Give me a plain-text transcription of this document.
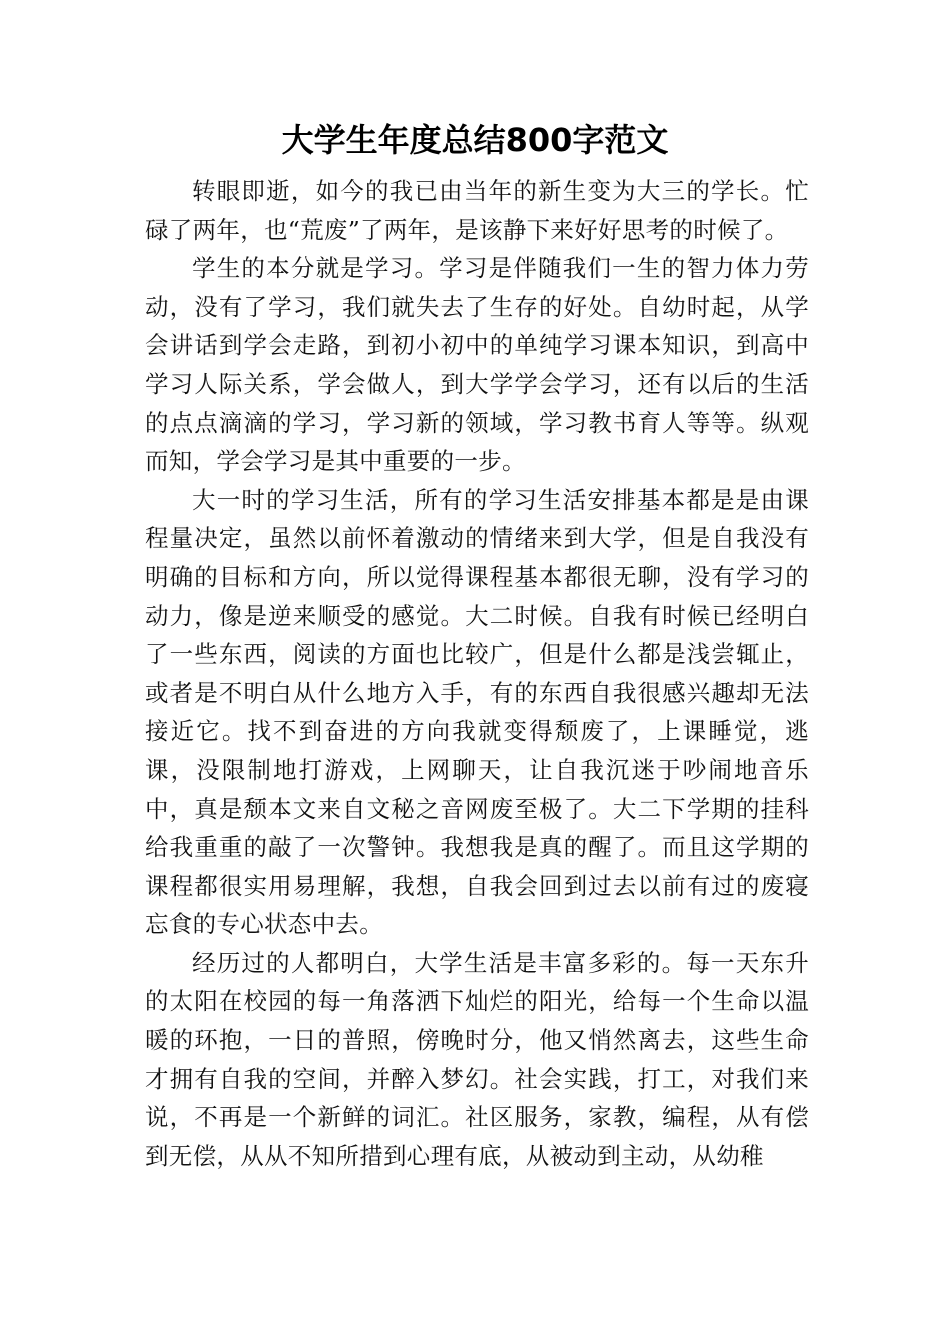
大学生年度总结800字范文

转眼即逝，如今的我已由当年的新生变为大三的学长。忙碌了两年，也“荒废”了两年，是该静下来好好思考的时候了。

学生的本分就是学习。学习是伴随我们一生的智力体力劳动，没有了学习，我们就失去了生存的好处。自幼时起，从学会讲话到学会走路，到初小初中的单纯学习课本知识，到高中学习人际关系，学会做人，到大学学会学习，还有以后的生活的点点滴滴的学习，学习新的领域，学习教书育人等等。纵观而知，学会学习是其中重要的一步。

大一时的学习生活，所有的学习生活安排基本都是是由课程量决定，虽然以前怀着激动的情绪来到大学，但是自我没有明确的目标和方向，所以觉得课程基本都很无聊，没有学习的动力，像是逆来顺受的感觉。大二时候。自我有时候已经明白了一些东西，阅读的方面也比较广，但是什么都是浅尝辄止，或者是不明白从什么地方入手，有的东西自我很感兴趣却无法接近它。找不到奋进的方向我就变得颓废了，上课睡觉，逃课，没限制地打游戏，上网聊天，让自我沉迷于吵闹地音乐中，真是颓本文来自文秘之音网废至极了。大二下学期的挂科给我重重的敲了一次警钟。我想我是真的醒了。而且这学期的课程都很实用易理解，我想，自我会回到过去以前有过的废寝忘食的专心状态中去。

经历过的人都明白，大学生活是丰富多彩的。每一天东升的太阳在校园的每一角落洒下灿烂的阳光，给每一个生命以温暖的环抱，一日的普照，傍晚时分，他又悄然离去，这些生命才拥有自我的空间，并醉入梦幻。社会实践，打工，对我们来说，不再是一个新鲜的词汇。社区服务，家教，编程，从有偿到无偿，从从不知所措到心理有底，从被动到主动，从幼稚
